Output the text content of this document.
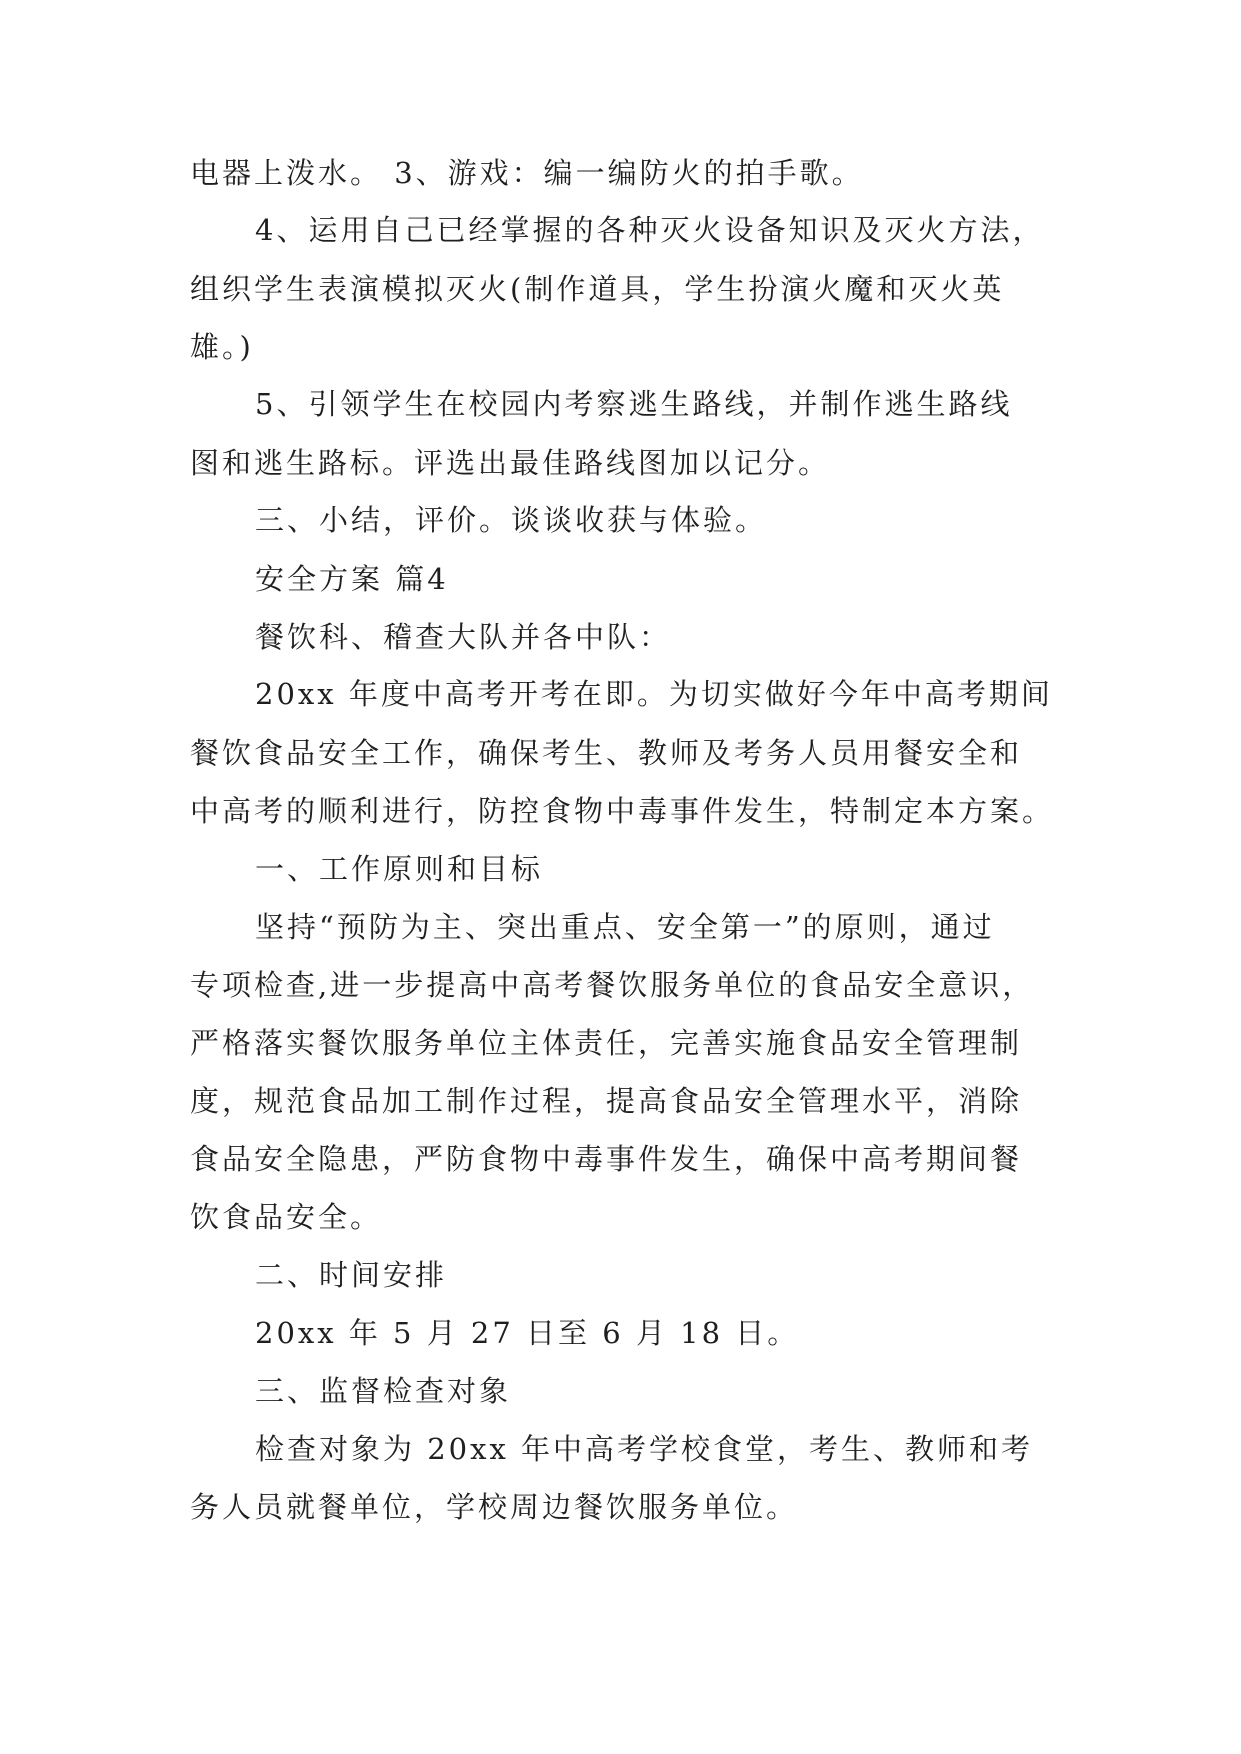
电器上泼水。 3、游戏：编一编防火的拍手歌。
4、运用自己已经掌握的各种灭火设备知识及灭火方法，
组织学生表演模拟灭火(制作道具，学生扮演火魔和灭火英
雄。)
5、引领学生在校园内考察逃生路线，并制作逃生路线
图和逃生路标。评选出最佳路线图加以记分。
三、小结，评价。谈谈收获与体验。
安全方案 篇4
餐饮科、稽查大队并各中队：
20xx 年度中高考开考在即。为切实做好今年中高考期间
餐饮食品安全工作，确保考生、教师及考务人员用餐安全和
中高考的顺利进行，防控食物中毒事件发生，特制定本方案。
一、工作原则和目标
坚持“预防为主、突出重点、安全第一”的原则，通过
专项检查,进一步提高中高考餐饮服务单位的食品安全意识，
严格落实餐饮服务单位主体责任，完善实施食品安全管理制
度，规范食品加工制作过程，提高食品安全管理水平，消除
食品安全隐患，严防食物中毒事件发生，确保中高考期间餐
饮食品安全。
二、时间安排
20xx 年 5 月 27 日至 6 月 18 日。
三、监督检查对象
检查对象为 20xx 年中高考学校食堂，考生、教师和考
务人员就餐单位，学校周边餐饮服务单位。
